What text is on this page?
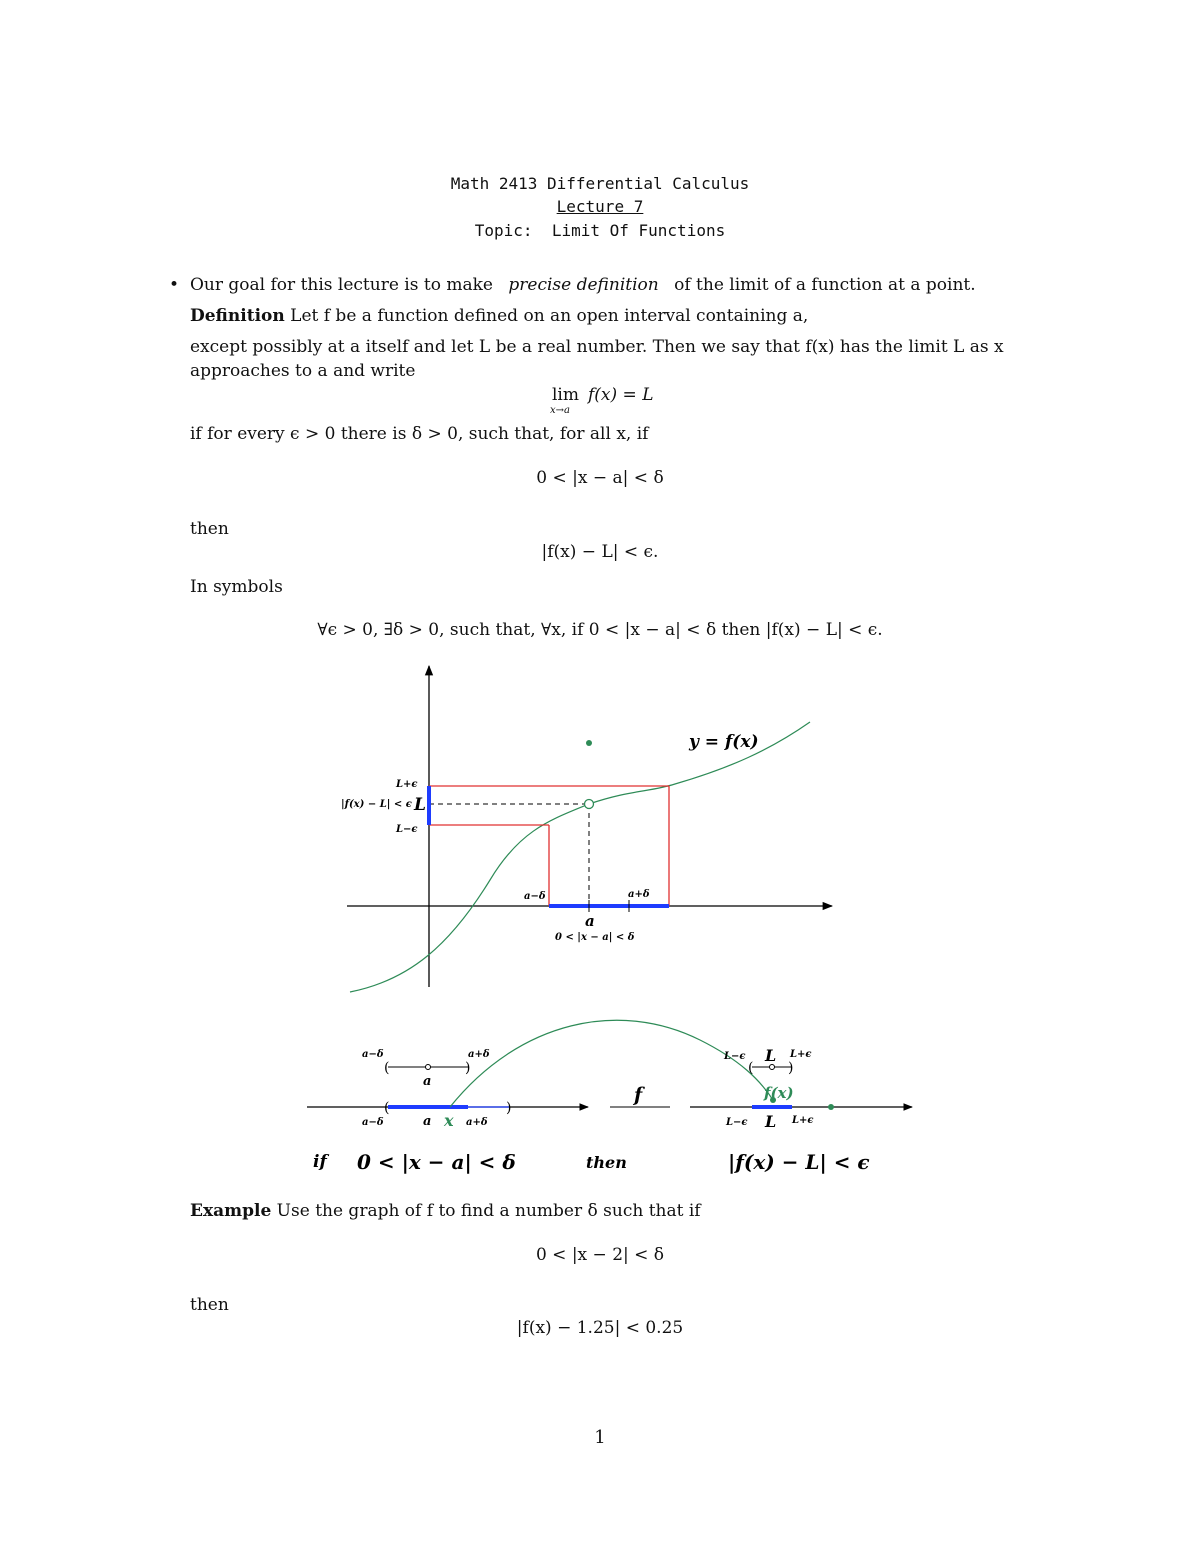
Math 2413 Differential Calculus
Lecture 7
Topic:  Limit Of Functions
• Our goal for this lecture is to make precise definition of the limit of a function at a point.
Definition Let f be a function defined on an open interval containing a,
except possibly at a itself and let L be a real number. Then we say that f(x) has the limit L as x
approaches to a and write
lim
x→a
f(x) = L
if for every ϵ > 0 there is δ > 0, such that, for all x, if
0 < |x − a| < δ
then
|f(x) − L| < ϵ.
In symbols
∀ϵ > 0, ∃δ > 0, such that, ∀x, if 0 < |x − a| < δ then |f(x) − L| < ϵ.
y = f(x)
L+ϵ
|f(x) − L| < ϵ L
L−ϵ
a−δ	a+δ
a
0 < |x − a| < δ
(	)
(	)	( )
a−δ	a+δ
a
a−δ	a x a+δ
f
L−ϵ L L+ϵ
f(x)
L−ϵ L L+ϵ
if 0 < |x − a| < δ	then	|f(x) − L| < ϵ
Example Use the graph of f to find a number δ such that if
0 < |x − 2| < δ
then
|f(x) − 1.25| < 0.25
1
